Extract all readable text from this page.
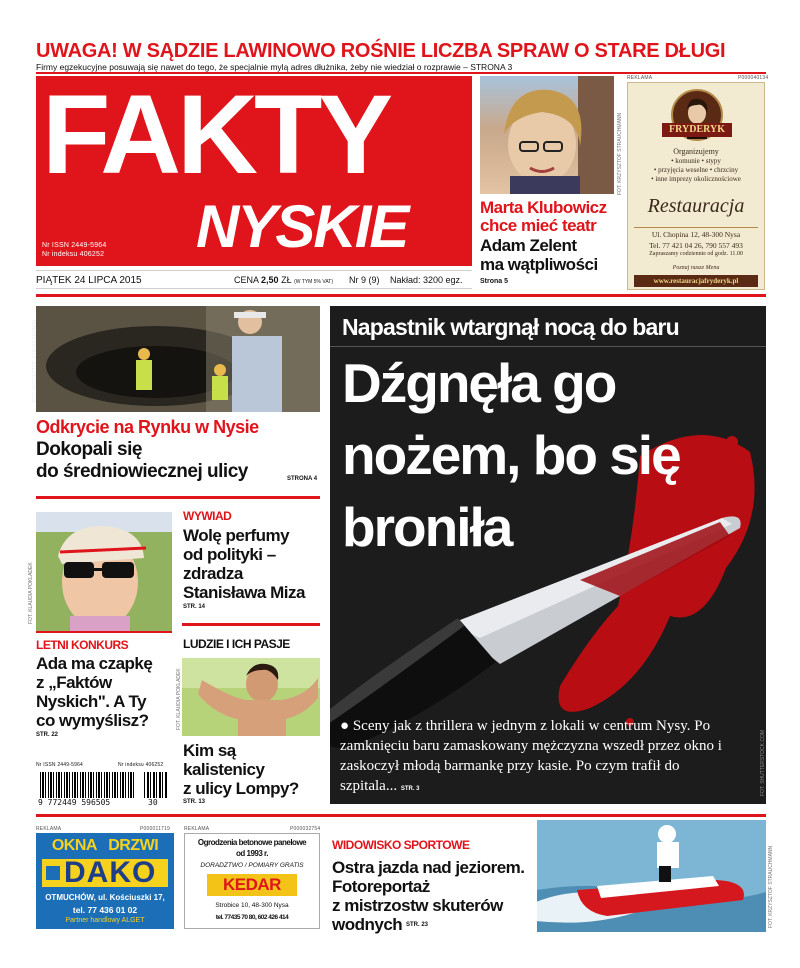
UWAGA! W SĄDZIE LAWINOWO ROŚNIE LICZBA SPRAW O STARE DŁUGI
Firmy egzekucyjne posuwają się nawet do tego, że specjalnie mylą adres dłużnika, żeby nie wiedział o rozprawie – STRONA 3
FAKTY
NYSKIE
Nr ISSN 2449-5964
Nr indeksu 406252
FOT. KRZYSZTOF STRAUCHMANN
Marta Klubowicz
chce mieć teatr
Adam Zelent
ma wątpliwości
Strona 5
REKLAMA	P000040134
FRYDERYK
Organizujemy
• komunie • stypy
• przyjęcia weselne • chrzciny
• inne imprezy okolicznościowe
Restauracja
Ul. Chopina 12, 48-300 Nysa
Tel. 77 421 04 26, 790 557 493
Zapraszamy codziennie od godz. 11.00
Poznaj nasze Menu
www.restauracjafryderyk.pl
PIĄTEK 24 LIPCA 2015	CENA 2,50 ZŁ (W TYM 5% VAT) Nr 9 (9) Nakład: 3200 egz.
FOT. KRZYSZTOF STRAUCHMANN
Odkrycie na Rynku w Nysie
Dokopali się
do średniowiecznej ulicy	STRONA 4
Napastnik wtargnął nocą do baru
Dźgnęła go
nożem, bo się
broniła
● Sceny jak z thrillera w jednym z lokali w centrum Nysy. Po zamknięciu baru zamaskowany mężczyzna wszedł przez okno i zaskoczył młodą barmankę przy kasie. Po czym trafił do szpitala... STR. 3	FOT. SHUTTERSTOCK.COM
FOT. KLAUDIA POKLADEK
WYWIAD
Wolę perfumy
od polityki –
zdradza
Stanisława Miza
STR. 14
LETNI KONKURS
Ada ma czapkę
z „Faktów
Nyskich". A Ty
co wymyślisz?
STR. 22
LUDZIE I ICH PASJE
FOT. KLAUDIA POKLADEK
Kim są
kalistenicy
z ulicy Lompy?
STR. 13
Nr ISSN 2449-5964	Nr indeksu 406252
9 772449 596505	30
REKLAMA	P000011719
OKNA   DRZWI
DAKO
OTMUCHÓW, ul. Kościuszki 17,
tel. 77 436 01 02
Partner handlowy ALGET
REKLAMA	P000032754
Ogrodzenia betonowe panelowe
od 1993 r.
DORADZTWO / POMIARY GRATIS
KEDAR
Strobice 10, 48-300 Nysa
tel. 77435 70 80, 602 426 414
WIDOWISKO SPORTOWE
Ostra jazda nad jeziorem.
Fotoreportaż
z mistrzostw skuterów
wodnych STR. 23	FOT. KRZYSZTOF STRAUCHMANN
